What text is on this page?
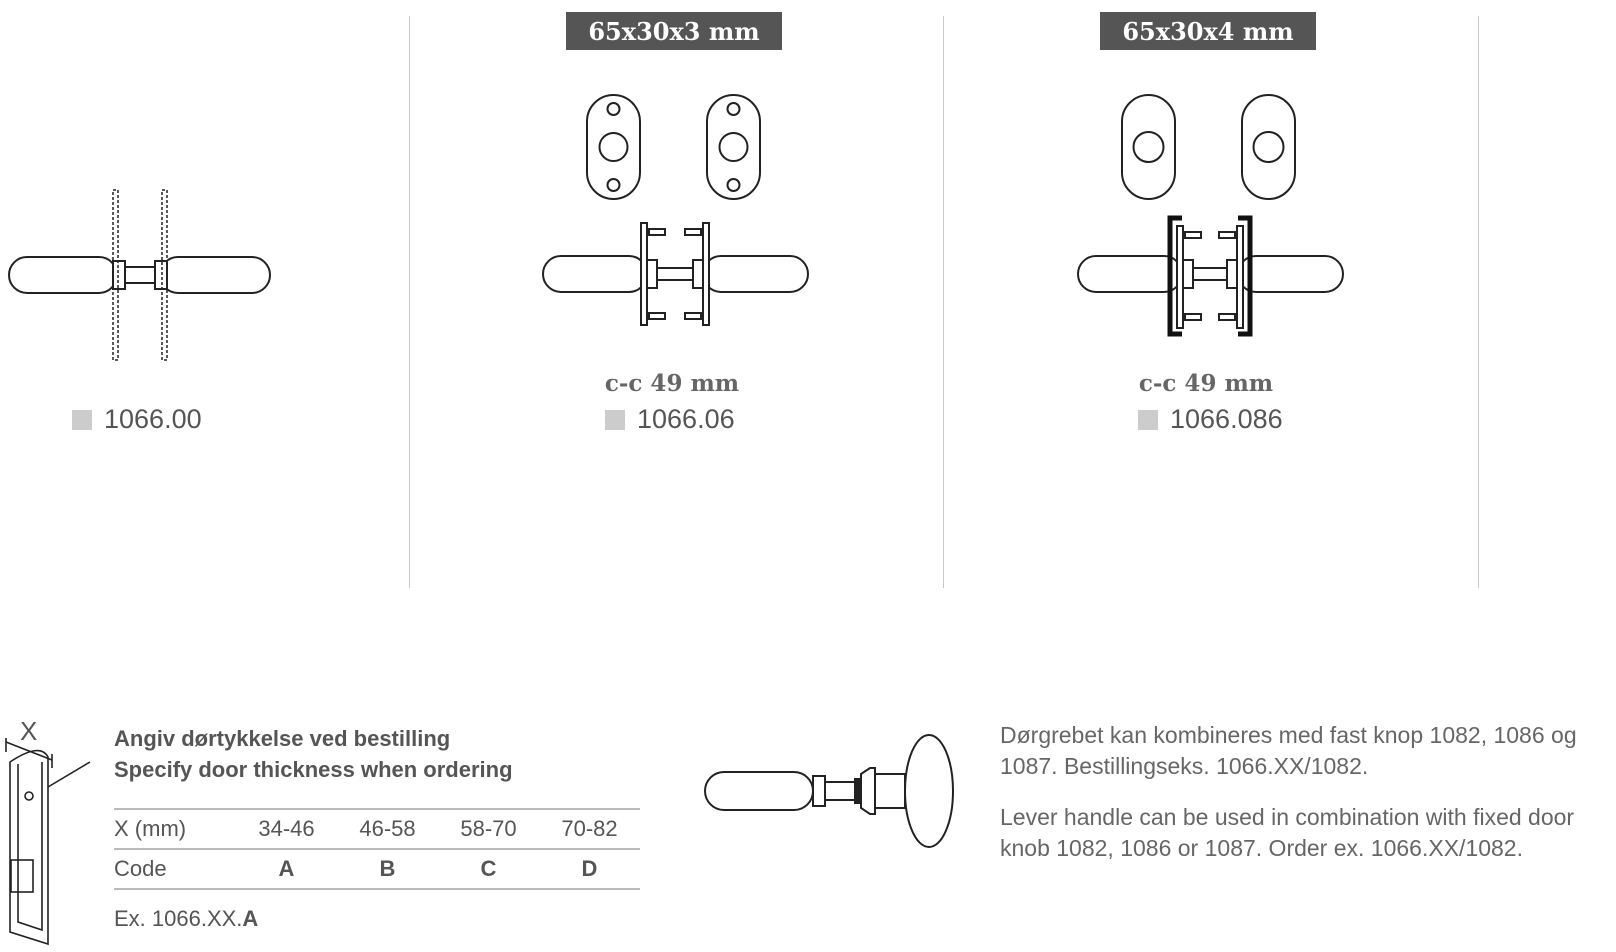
1066.00
65x30x3 mm
c-c 49 mm
1066.06
65x30x4 mm
c-c 49 mm
1066.086
X	Angiv dørtykkelse ved bestilling
Specify door thickness when ordering
X (mm)	34-46	46-58	58-70	70-82
Code	A	B	C	D
Ex. 1066.XX.A
Dørgrebet kan kombineres med fast knop 1082, 1086 og 1087. Bestillingseks. 1066.XX/1082.
Lever handle can be used in combination with fixed door knob 1082, 1086 or 1087. Order ex. 1066.XX/1082.
